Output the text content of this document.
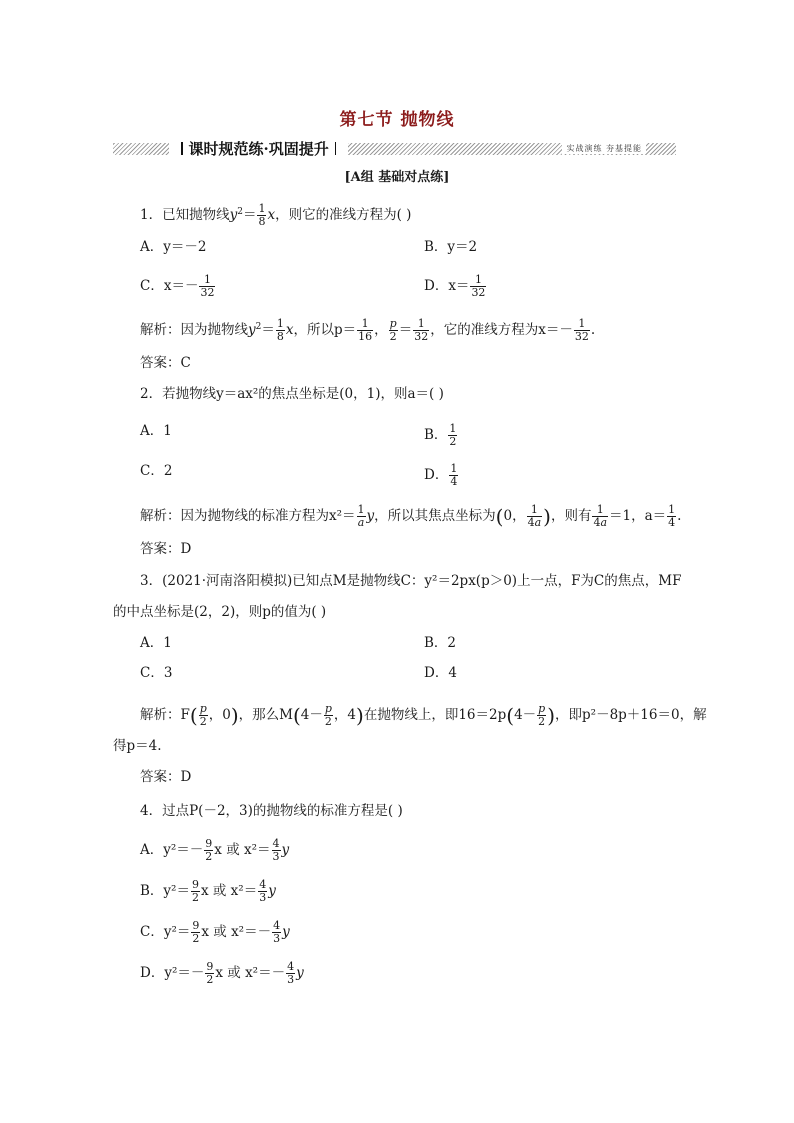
第七节 抛物线
课时规范练·巩固提升	实战演练 夯基提能
[A组 基础对点练]
1．已知抛物线$y^2= \frac{1}{8}$ x，则它的准线方程为( )
A．y＝－2	B．y＝2
C．$x=- \frac{1}{32}$	D．$x= \frac{1}{32}$
解析：因为抛物线$y^2= \frac{1}{8}$ x，所以$p= \frac{1}{16}$ ， $\frac{p}{2} = \frac{1}{32}$ ，它的准线方程为$x=- \frac{1}{32}$ .
答案：C
2．若抛物线y＝ax²的焦点坐标是(0，1)，则a＝( )
A．1	B． $\frac{1}{2}$
C．2	D． $\frac{1}{4}$
解析：因为抛物线的标准方程为$x^2= \frac{1}{a}$ y，所以其焦点坐标为(0， $\frac{1}{4a}$ )，则有 $\frac{1}{4a} =1$，$a= \frac{1}{4}$ .
答案：D
3．(2021·河南洛阳模拟)已知点M是抛物线C：y²＝2px(p＞0)上一点，F为C的焦点，MF
的中点坐标是(2，2)，则p的值为( )
A．1	B．2
C．3	D．4
解析：$F( \frac{p}{2}$ ，0)，那么$M(4- \frac{p}{2}$ ，4)在抛物线上，即$16=2p(4- \frac{p}{2}$ )，即p²－8p＋16＝0，解
得p＝4.
答案：D
4．过点P(－2，3)的抛物线的标准方程是( )
A．$y^2=- \frac{9}{2}$ x 或 $x^2= \frac{4}{3}$ y
B．$y^2= \frac{9}{2}$ x 或 $x^2= \frac{4}{3}$ y
C．$y^2= \frac{9}{2}$ x 或 $x^2=- \frac{4}{3}$ y
D．$y^2=- \frac{9}{2}$ x 或 $x^2=- \frac{4}{3}$ y
